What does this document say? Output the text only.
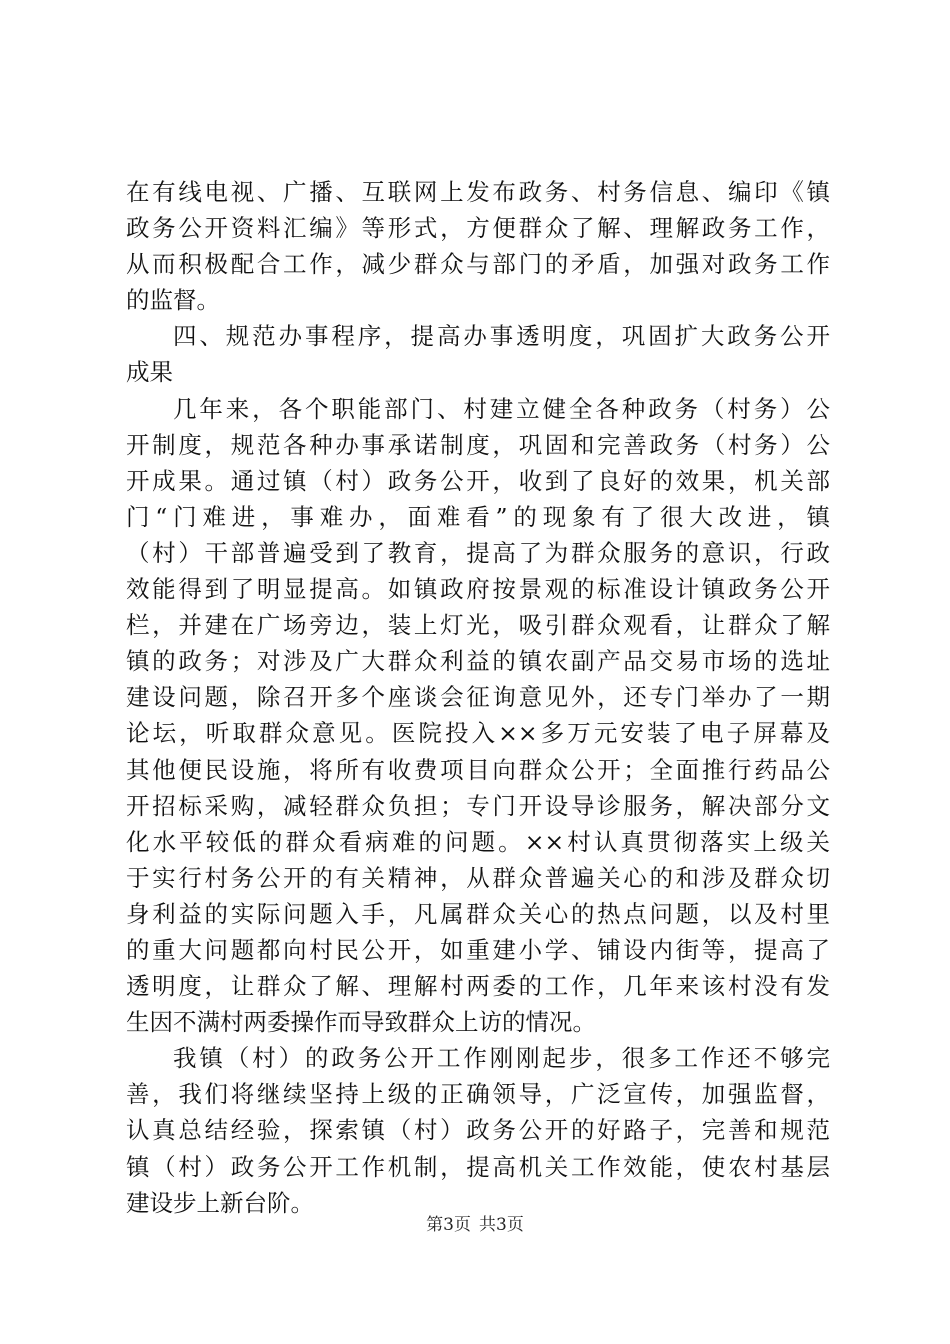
在有线电视、广播、互联网上发布政务、村务信息、编印《镇
政务公开资料汇编》等形式，方便群众了解、理解政务工作，
从而积极配合工作，减少群众与部门的矛盾，加强对政务工作
的监督。
四、规范办事程序，提高办事透明度，巩固扩大政务公开
成果
几年来，各个职能部门、村建立健全各种政务（村务）公
开制度，规范各种办事承诺制度，巩固和完善政务（村务）公
开成果。通过镇（村）政务公开，收到了良好的效果，机关部
门“门难进，事难办，面难看”的现象有了很大改进，镇
（村）干部普遍受到了教育，提高了为群众服务的意识，行政
效能得到了明显提高。如镇政府按景观的标准设计镇政务公开
栏，并建在广场旁边，装上灯光，吸引群众观看，让群众了解
镇的政务；对涉及广大群众利益的镇农副产品交易市场的选址
建设问题，除召开多个座谈会征询意见外，还专门举办了一期
论坛，听取群众意见。医院投入××多万元安装了电子屏幕及
其他便民设施，将所有收费项目向群众公开；全面推行药品公
开招标采购，减轻群众负担；专门开设导诊服务，解决部分文
化水平较低的群众看病难的问题。××村认真贯彻落实上级关
于实行村务公开的有关精神，从群众普遍关心的和涉及群众切
身利益的实际问题入手，凡属群众关心的热点问题，以及村里
的重大问题都向村民公开，如重建小学、铺设内街等，提高了
透明度，让群众了解、理解村两委的工作，几年来该村没有发
生因不满村两委操作而导致群众上访的情况。
我镇（村）的政务公开工作刚刚起步，很多工作还不够完
善，我们将继续坚持上级的正确领导，广泛宣传，加强监督，
认真总结经验，探索镇（村）政务公开的好路子，完善和规范
镇（村）政务公开工作机制，提高机关工作效能，使农村基层
建设步上新台阶。
第3页 共3页
